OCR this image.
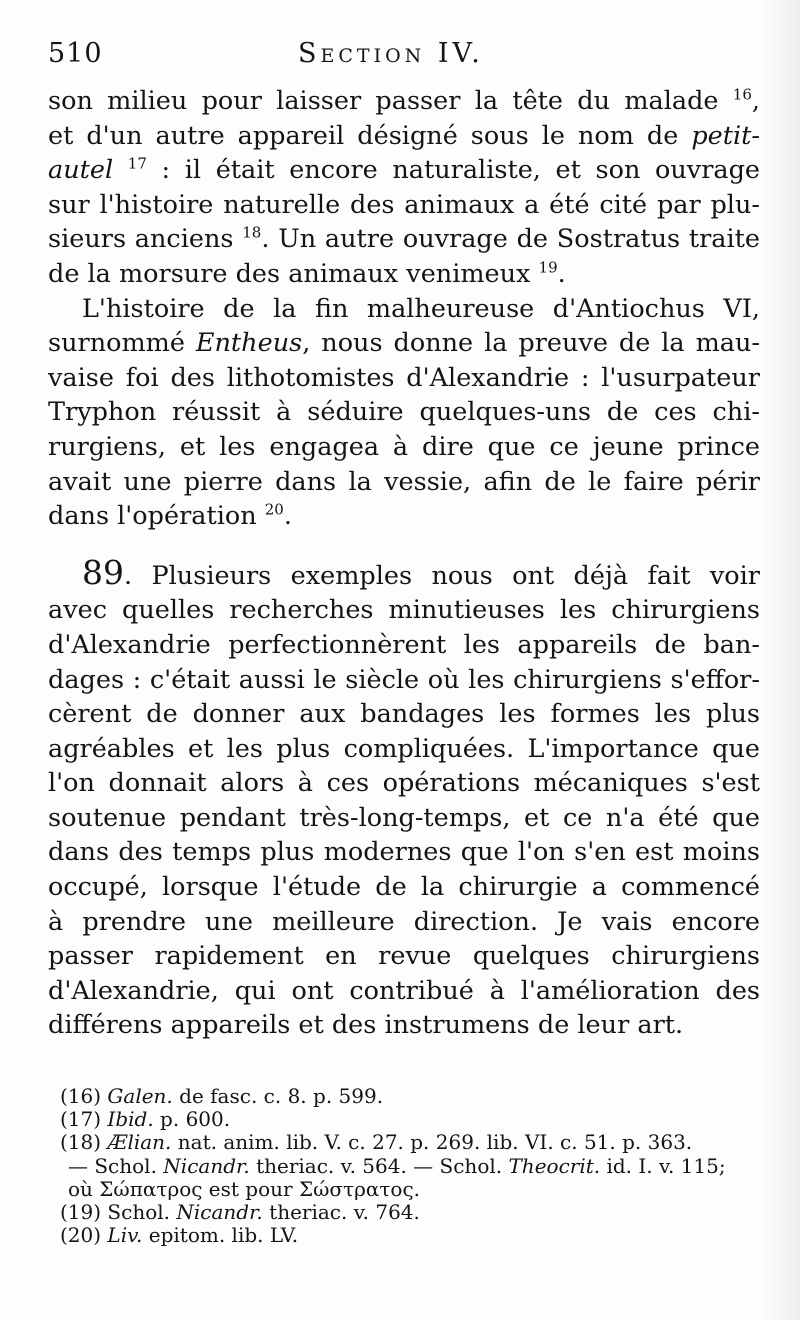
510	Section IV.
son milieu pour laisser passer la tête du malade $^{16}$,
et d'un autre appareil désigné sous le nom de petit-
autel $^{17}$ : il était encore naturaliste, et son ouvrage
sur l'histoire naturelle des animaux a été cité par plu-
sieurs anciens $^{18}$. Un autre ouvrage de Sostratus traite
de la morsure des animaux venimeux $^{19}$.
L'histoire de la fin malheureuse d'Antiochus VI,
surnommé Entheus, nous donne la preuve de la mau-
vaise foi des lithotomistes d'Alexandrie : l'usurpateur
Tryphon réussit à séduire quelques-uns de ces chi-
rurgiens, et les engagea à dire que ce jeune prince
avait une pierre dans la vessie, afin de le faire périr
dans l'opération $^{20}$.
89. Plusieurs exemples nous ont déjà fait voir
avec quelles recherches minutieuses les chirurgiens
d'Alexandrie perfectionnèrent les appareils de ban-
dages : c'était aussi le siècle où les chirurgiens s'effor-
cèrent de donner aux bandages les formes les plus
agréables et les plus compliquées. L'importance que
l'on donnait alors à ces opérations mécaniques s'est
soutenue pendant très-long-temps, et ce n'a été que
dans des temps plus modernes que l'on s'en est moins
occupé, lorsque l'étude de la chirurgie a commencé
à prendre une meilleure direction. Je vais encore
passer rapidement en revue quelques chirurgiens
d'Alexandrie, qui ont contribué à l'amélioration des
différens appareils et des instrumens de leur art.
(16) Galen. de fasc. c. 8. p. 599.
(17) Ibid. p. 600.
(18) Ælian. nat. anim. lib. V. c. 27. p. 269. lib. VI. c. 51. p. 363.
— Schol. Nicandr. theriac. v. 564. — Schol. Theocrit. id. I. v. 115;
où Σώπατρος est pour Σώστρατος.
(19) Schol. Nicandr. theriac. v. 764.
(20) Liv. epitom. lib. LV.
